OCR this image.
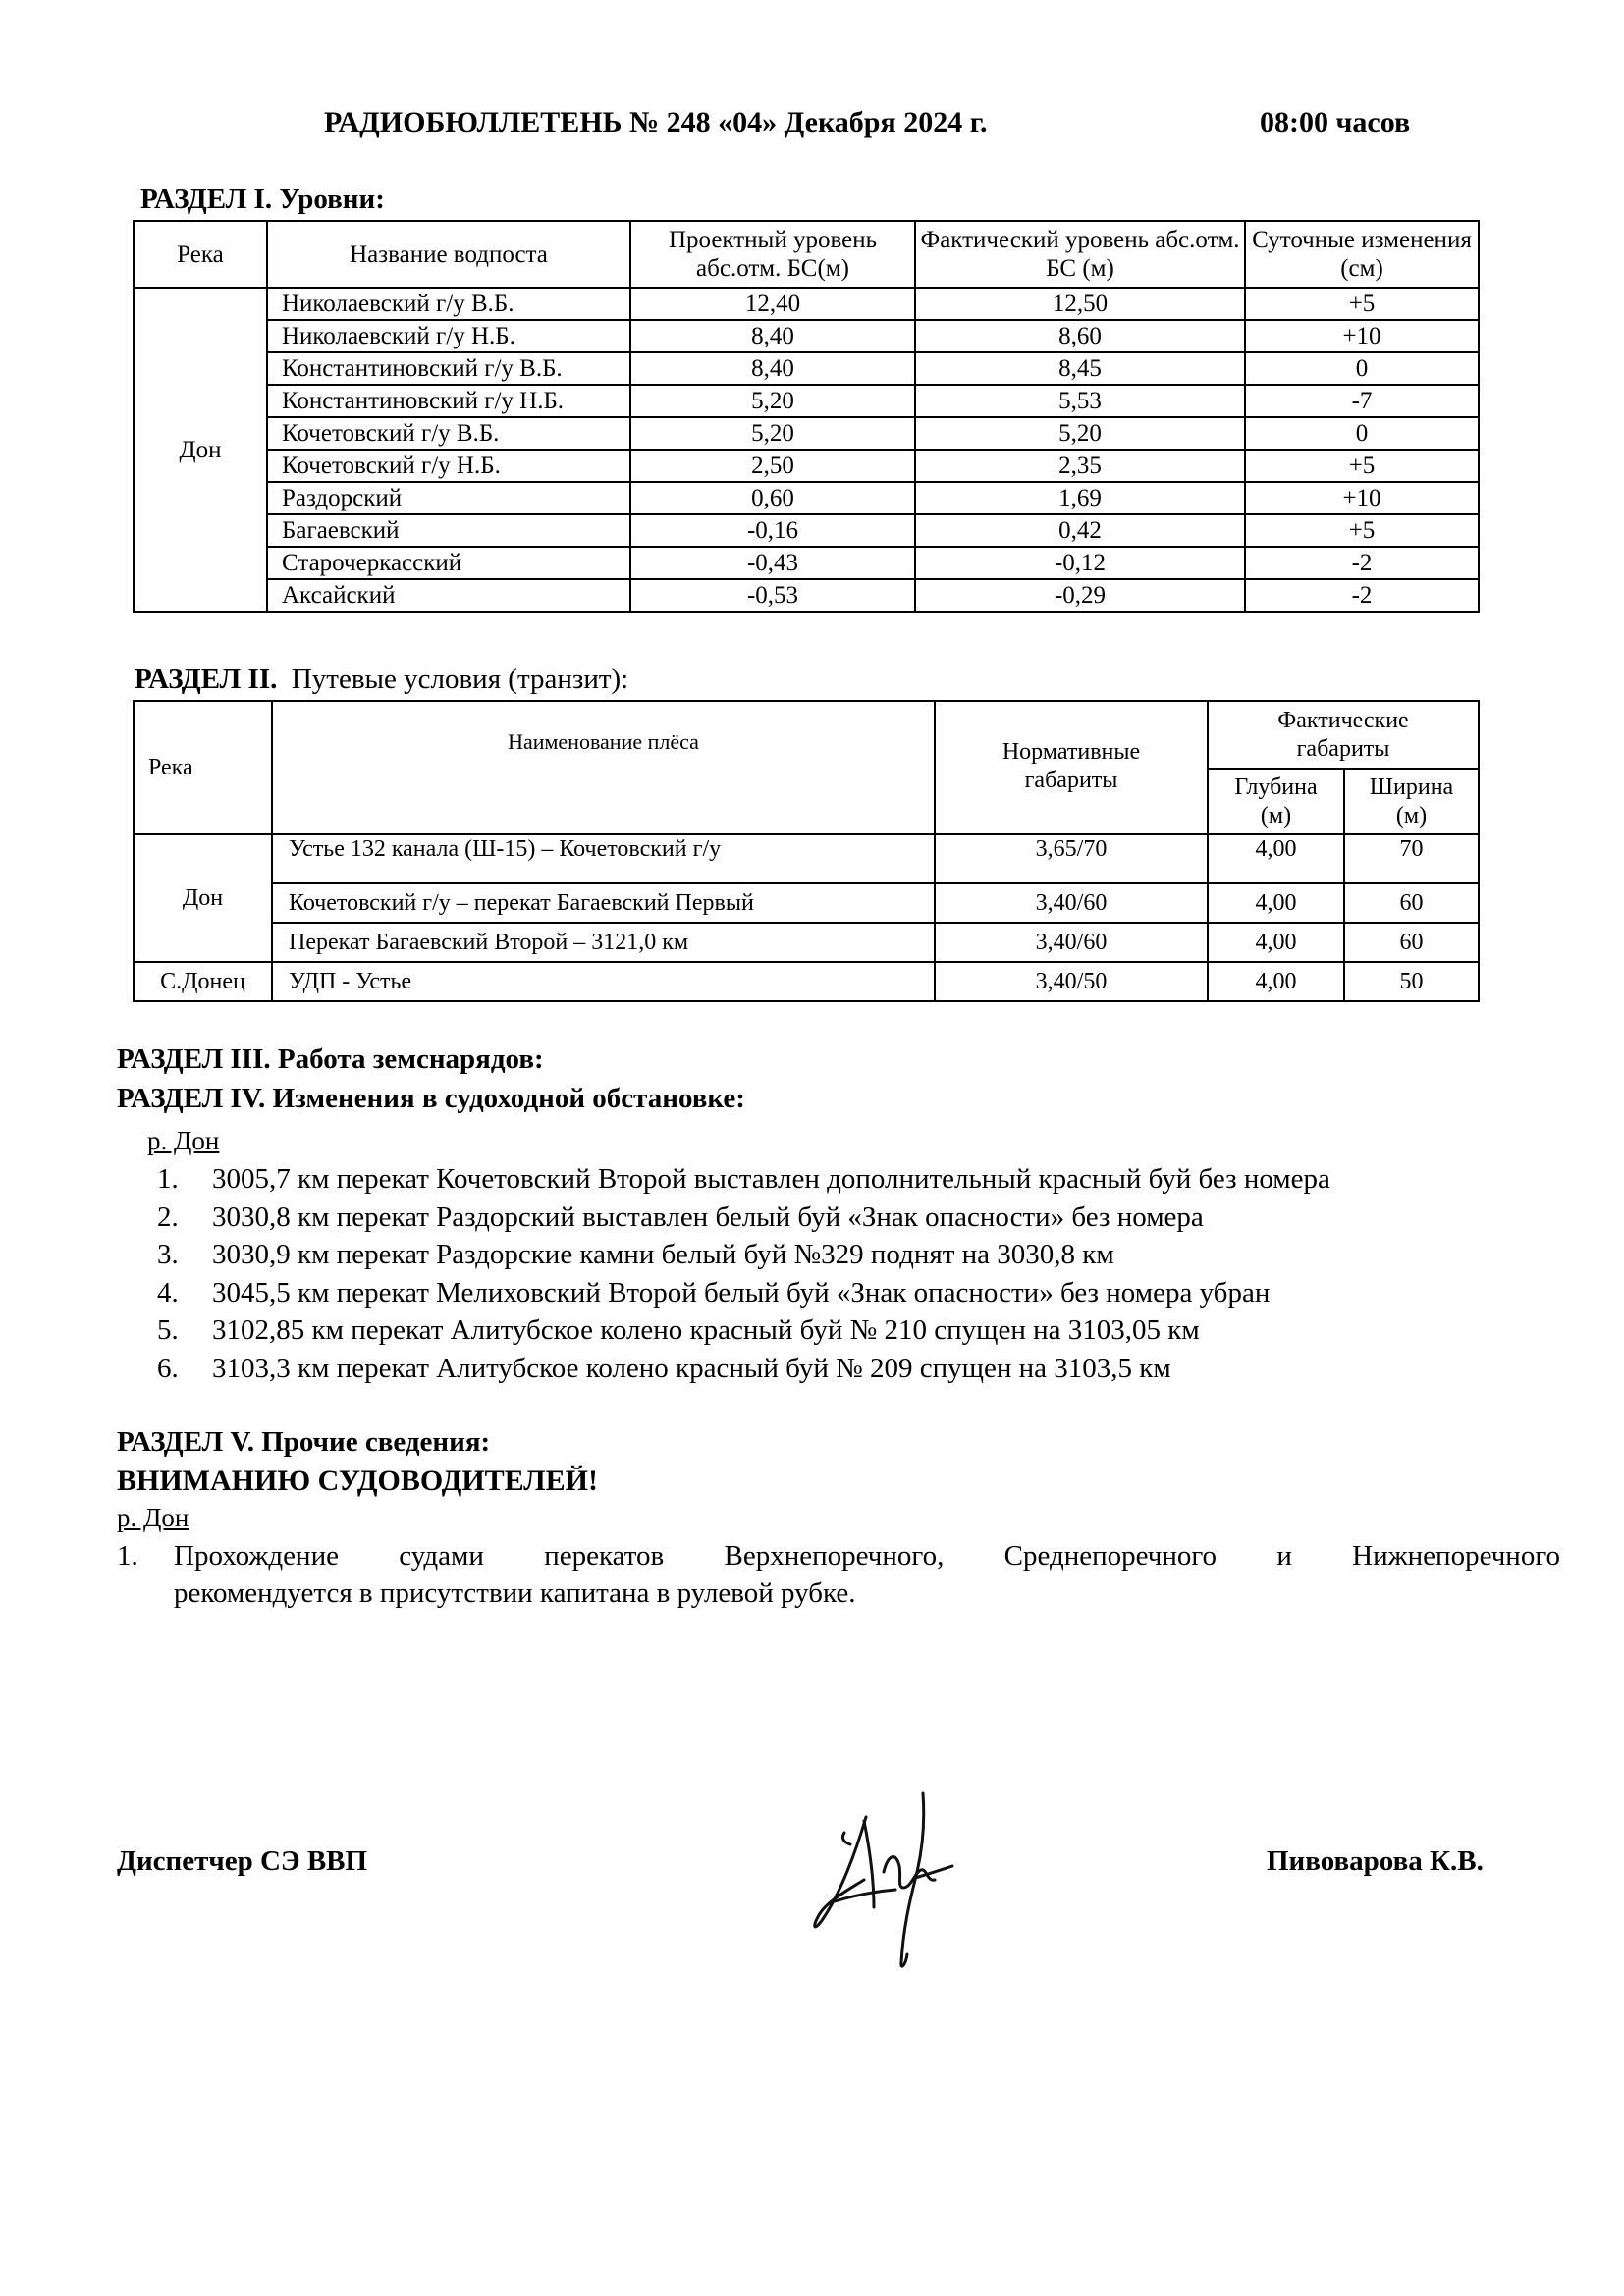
РАДИОБЮЛЛЕТЕНЬ № 248 «04» Декабря 2024 г.	08:00 часов
РАЗДЕЛ I. Уровни:
Река	Название водпоста	Проектный уровень абс.отм. БС(м)	Фактический уровень абс.отм. БС (м)	Суточные изменения (см)
Дон	Николаевский г/у В.Б.	12,40	12,50	+5
	Николаевский г/у Н.Б.	8,40	8,60	+10
	Константиновский г/у В.Б.	8,40	8,45	0
	Константиновский г/у Н.Б.	5,20	5,53	-7
	Кочетовский г/у В.Б.	5,20	5,20	0
	Кочетовский г/у Н.Б.	2,50	2,35	+5
	Раздорский	0,60	1,69	+10
	Багаевский	-0,16	0,42	+5
	Старочеркасский	-0,43	-0,12	-2
	Аксайский	-0,53	-0,29	-2
РАЗДЕЛ II. Путевые условия (транзит):
Река	Наименование плёса	Нормативные габариты	Фактические габариты	
			Глубина (м)	Ширина (м)
Дон	Устье 132 канала (Ш-15) – Кочетовский г/у	3,65/70	4,00	70
	Кочетовский г/у – перекат Багаевский Первый	3,40/60	4,00	60
	Перекат Багаевский Второй – 3121,0 км	3,40/60	4,00	60
С.Донец	УДП - Устье	3,40/50	4,00	50
РАЗДЕЛ III. Работа земснарядов:
РАЗДЕЛ IV. Изменения в судоходной обстановке:
р. Дон
1. 3005,7 км перекат Кочетовский Второй выставлен дополнительный красный буй без номера
2. 3030,8 км перекат Раздорский выставлен белый буй «Знак опасности» без номера
3. 3030,9 км перекат Раздорские камни белый буй №329 поднят на 3030,8 км
4. 3045,5 км перекат Мелиховский Второй белый буй «Знак опасности» без номера убран
5. 3102,85 км перекат Алитубское колено красный буй № 210 спущен на 3103,05 км
6. 3103,3 км перекат Алитубское колено красный буй № 209 спущен на 3103,5 км
РАЗДЕЛ V. Прочие сведения:
ВНИМАНИЮ СУДОВОДИТЕЛЕЙ!
р. Дон
1. Прохождение судами перекатов Верхнепоречного, Среднепоречного и Нижнепоречного
рекомендуется в присутствии капитана в рулевой рубке.
Диспетчер СЭ ВВП	Пивоварова К.В.
